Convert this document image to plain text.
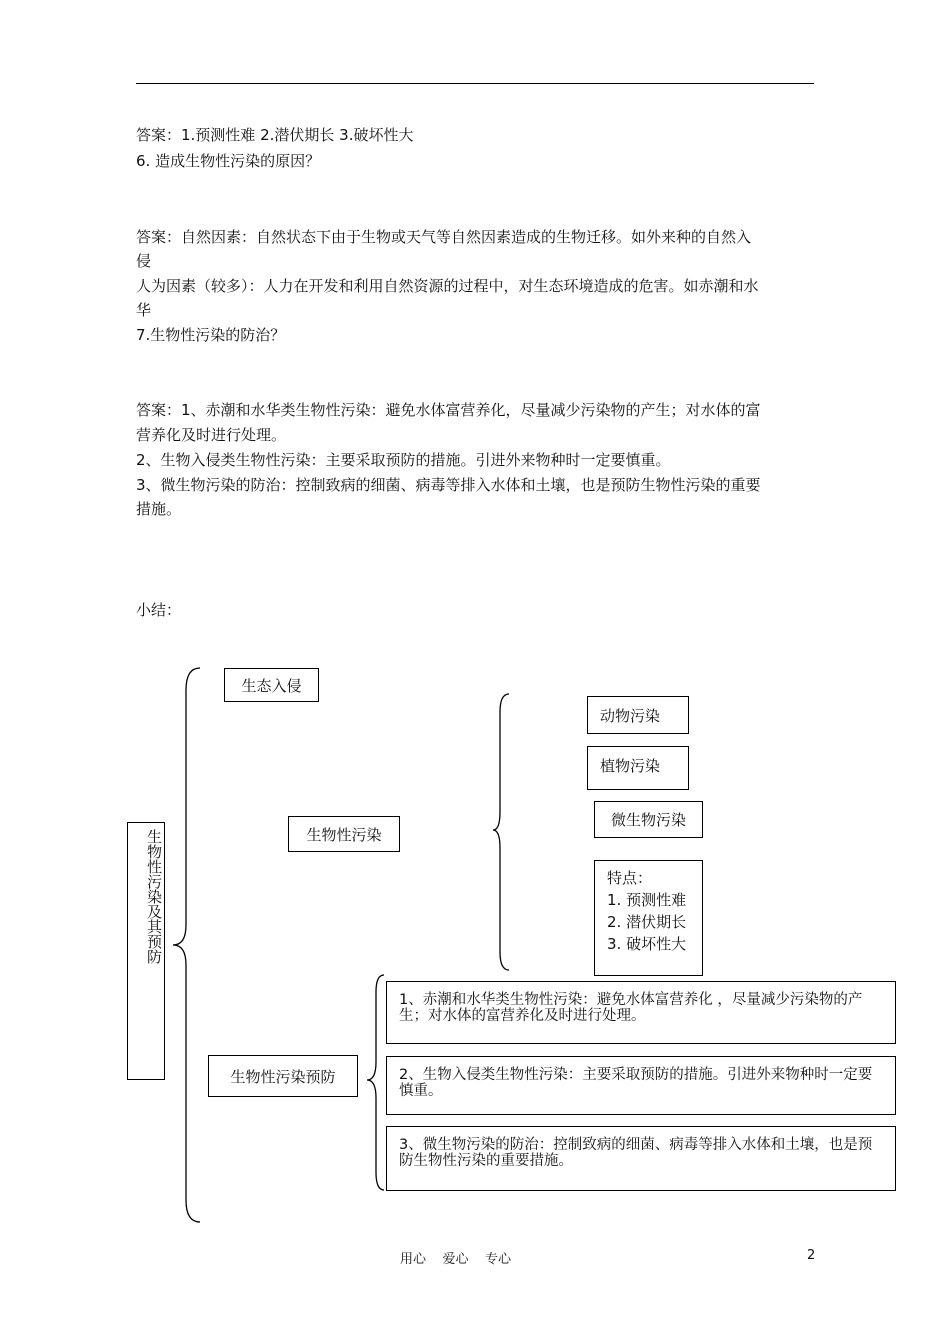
答案：1.预测性难 2.潜伏期长 3.破坏性大
6. 造成生物性污染的原因？
答案：自然因素：自然状态下由于生物或天气等自然因素造成的生物迁移。如外来种的自然入
侵
人为因素（较多）：人力在开发和利用自然资源的过程中，对生态环境造成的危害。如赤潮和水
华
7.生物性污染的防治？
答案：1、赤潮和水华类生物性污染：避免水体富营养化，尽量减少污染物的产生；对水体的富
营养化及时进行处理。
2、生物入侵类生物性污染：主要采取预防的措施。引进外来物种时一定要慎重。
3、微生物污染的防治：控制致病的细菌、病毒等排入水体和土壤，也是预防生物性污染的重要
措施。
小结：
生物性污染及其预防
生态入侵
生物性污染
动物污染
植物污染
微生物污染
特点：
1. 预测性难
2. 潜伏期长
3. 破坏性大
生物性污染预防
1、赤潮和水华类生物性污染：避免水体富营养化 ，尽量减少污染物的产生；对水体的富营养化及时进行处理。
2、生物入侵类生物性污染：主要采取预防的措施。引进外来物种时一定要慎重。
3、微生物污染的防治：控制致病的细菌、病毒等排入水体和土壤，也是预防生物性污染的重要措施。
用心    爱心    专心	2
